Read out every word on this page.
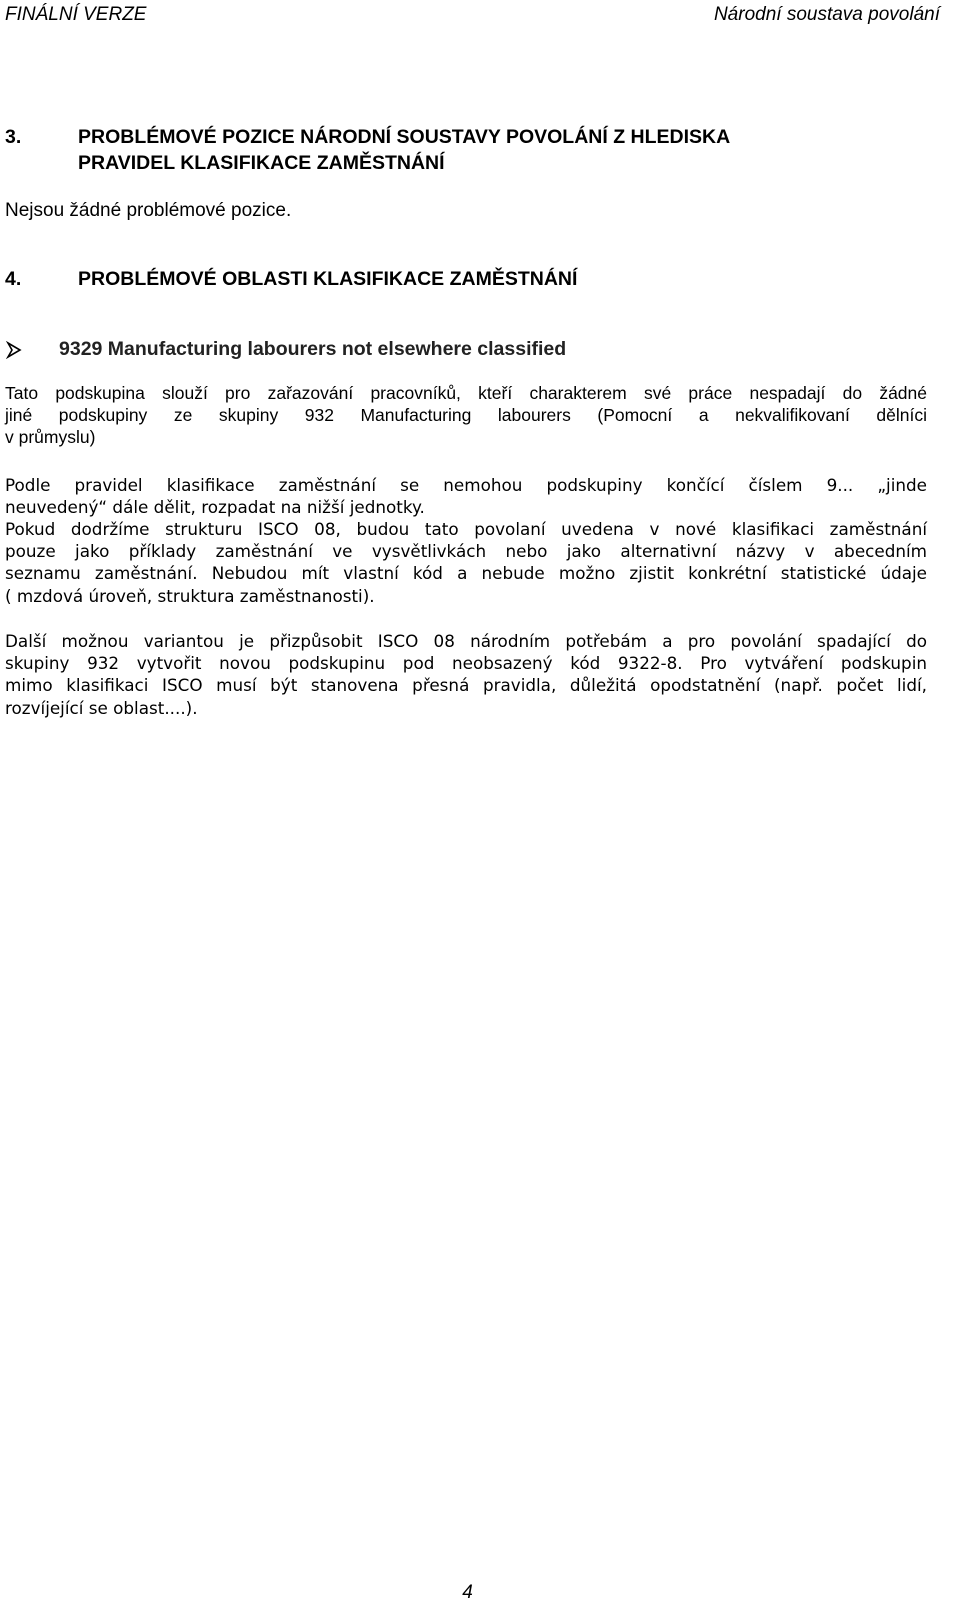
FINÁLNÍ VERZE	Národní soustava povolání
3.	PROBLÉMOVÉ POZICE NÁRODNÍ SOUSTAVY POVOLÁNÍ Z HLEDISKA
PRAVIDEL KLASIFIKACE ZAMĚSTNÁNÍ
Nejsou žádné problémové pozice.
4.	PROBLÉMOVÉ OBLASTI KLASIFIKACE ZAMĚSTNÁNÍ
9329 Manufacturing labourers not elsewhere classified

Tato podskupina slouží pro zařazování pracovníků, kteří charakterem své práce nespadají do žádné
jiné podskupiny ze skupiny 932 Manufacturing labourers (Pomocní a nekvalifikovaní dělníci
v průmyslu)

Podle pravidel klasifikace zaměstnání se nemohou podskupiny končící číslem 9... „jinde
neuvedený“ dále dělit, rozpadat na nižší jednotky.

Pokud dodržíme strukturu ISCO 08, budou tato povolaní uvedena v nové klasifikaci zaměstnání
pouze jako příklady zaměstnání ve vysvětlivkách nebo jako alternativní názvy v abecedním
seznamu zaměstnání. Nebudou mít vlastní kód a nebude možno zjistit konkrétní statistické údaje
( mzdová úroveň, struktura zaměstnanosti).

Další možnou variantou je přizpůsobit ISCO 08 národním potřebám a pro povolání spadající do
skupiny 932 vytvořit novou podskupinu pod neobsazený kód 9322-8. Pro vytváření podskupin
mimo klasifikaci ISCO musí být stanovena přesná pravidla, důležitá opodstatnění (např. počet lidí,
rozvíjející se oblast....).

4
